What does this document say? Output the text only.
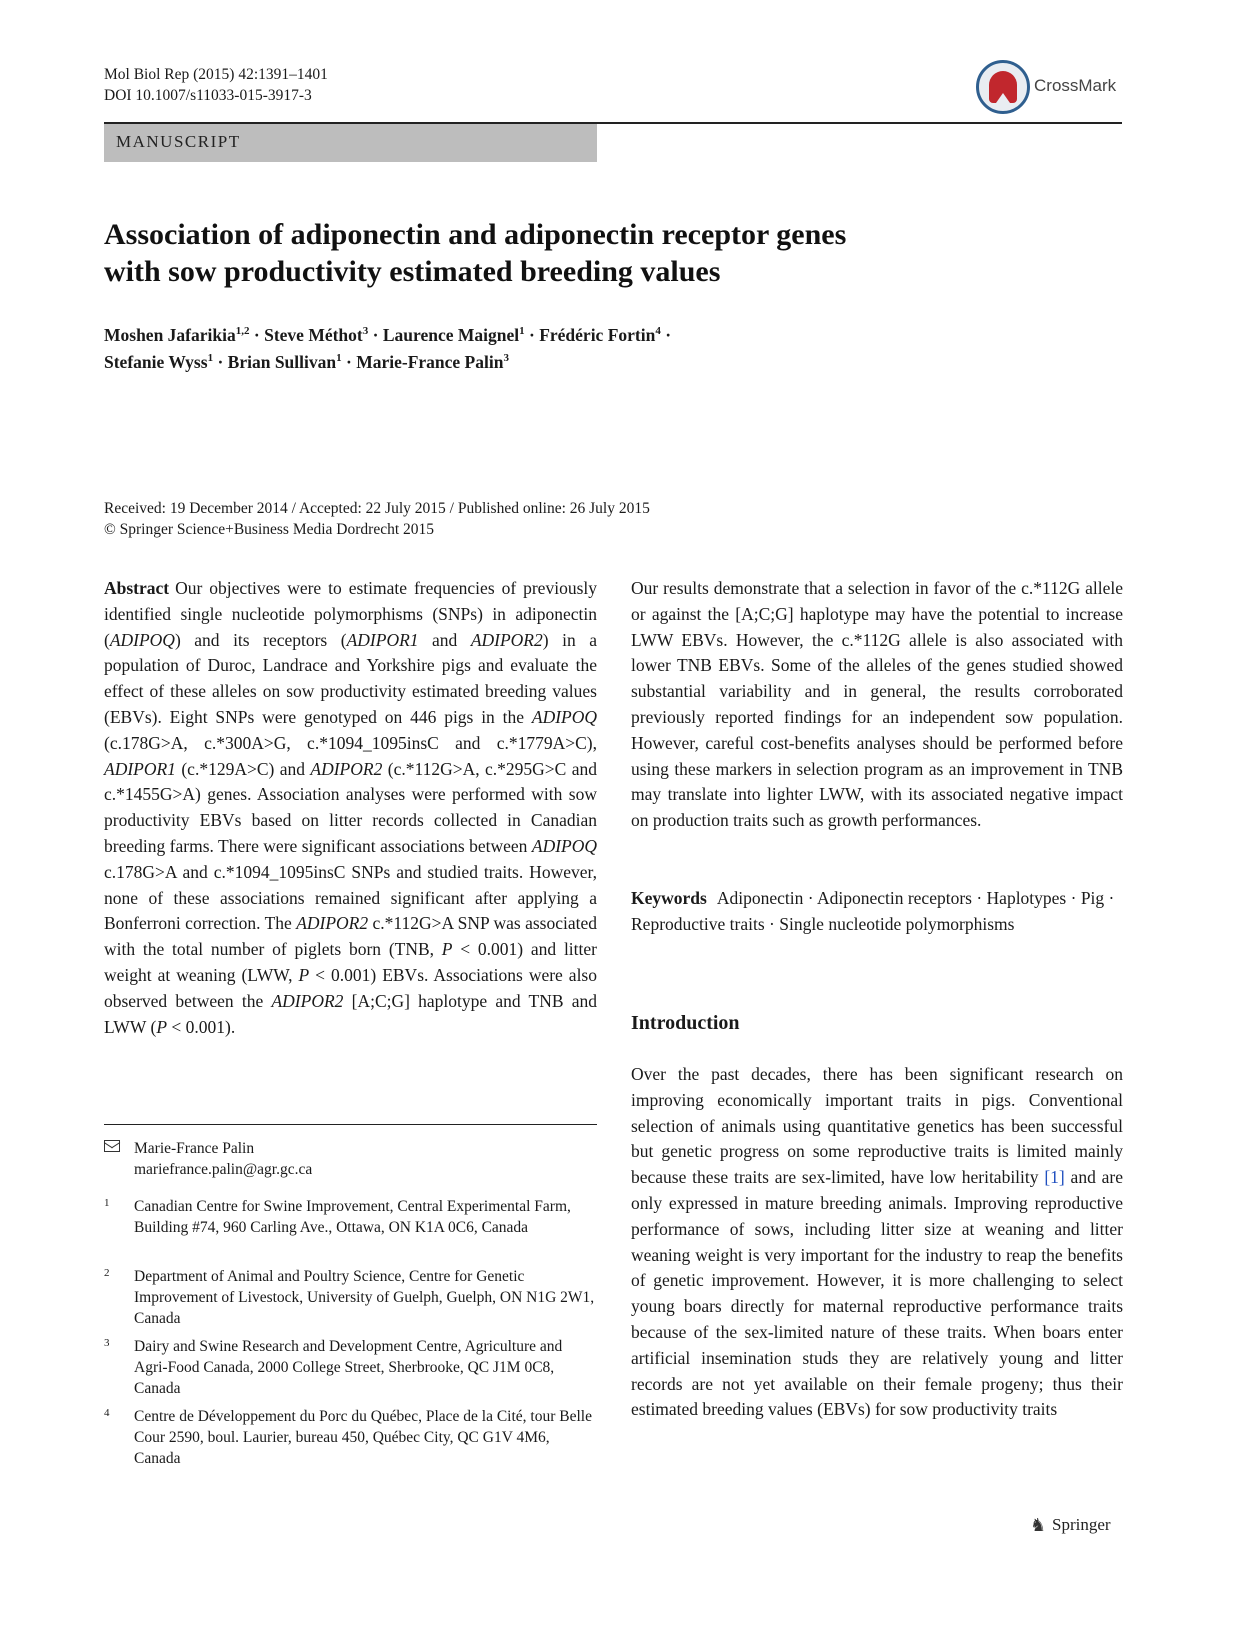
Mol Biol Rep (2015) 42:1391–1401
DOI 10.1007/s11033-015-3917-3
CrossMark
MANUSCRIPT
Association of adiponectin and adiponectin receptor genes
with sow productivity estimated breeding values
Moshen Jafarikia$^{1,2}$ · Steve Méthot$^3$ · Laurence Maignel$^1$ · Frédéric Fortin$^4$ ·
Stefanie Wyss$^1$ · Brian Sullivan$^1$ · Marie-France Palin$^3$
Received: 19 December 2014 / Accepted: 22 July 2015 / Published online: 26 July 2015
© Springer Science+Business Media Dordrecht 2015
Abstract Our objectives were to estimate frequencies of previously identified single nucleotide polymorphisms (SNPs) in adiponectin (ADIPOQ) and its receptors (ADIPOR1 and ADIPOR2) in a population of Duroc, Landrace and Yorkshire pigs and evaluate the effect of these alleles on sow productivity estimated breeding values (EBVs). Eight SNPs were genotyped on 446 pigs in the ADIPOQ (c.178G>A, c.*300A>G, c.*1094_1095insC and c.*1779A>C), ADIPOR1 (c.*129A>C) and ADIPOR2 (c.*112G>A, c.*295G>C and c.*1455G>A) genes. Association analyses were performed with sow productivity EBVs based on litter records collected in Canadian breeding farms. There were significant associations between ADIPOQ c.178G>A and c.*1094_1095insC SNPs and studied traits. However, none of these associations remained significant after applying a Bonferroni correction. The ADIPOR2 c.*112G>A SNP was associated with the total number of piglets born (TNB, P < 0.001) and litter weight at weaning (LWW, P < 0.001) EBVs. Associations were also observed between the ADIPOR2 [A;C;G] haplotype and TNB and LWW (P < 0.001).
Our results demonstrate that a selection in favor of the c.*112G allele or against the [A;C;G] haplotype may have the potential to increase LWW EBVs. However, the c.*112G allele is also associated with lower TNB EBVs. Some of the alleles of the genes studied showed substantial variability and in general, the results corroborated previously reported findings for an independent sow population. However, careful cost-benefits analyses should be performed before using these markers in selection program as an improvement in TNB may translate into lighter LWW, with its associated negative impact on production traits such as growth performances.
Keywords Adiponectin · Adiponectin receptors · Haplotypes · Pig · Reproductive traits · Single nucleotide polymorphisms
Introduction
Over the past decades, there has been significant research on improving economically important traits in pigs. Conventional selection of animals using quantitative genetics has been successful but genetic progress on some reproductive traits is limited mainly because these traits are sex-limited, have low heritability [1] and are only expressed in mature breeding animals. Improving reproductive performance of sows, including litter size at weaning and litter weaning weight is very important for the industry to reap the benefits of genetic improvement. However, it is more challenging to select young boars directly for maternal reproductive performance traits because of the sex-limited nature of these traits. When boars enter artificial insemination studs they are relatively young and litter records are not yet available on their female progeny; thus their estimated breeding values (EBVs) for sow productivity traits
Marie-France Palin
mariefrance.palin@agr.gc.ca
1 Canadian Centre for Swine Improvement, Central Experimental Farm, Building #74, 960 Carling Ave., Ottawa, ON K1A 0C6, Canada
2 Department of Animal and Poultry Science, Centre for Genetic Improvement of Livestock, University of Guelph, Guelph, ON N1G 2W1, Canada
3 Dairy and Swine Research and Development Centre, Agriculture and Agri-Food Canada, 2000 College Street, Sherbrooke, QC J1M 0C8, Canada
4 Centre de Développement du Porc du Québec, Place de la Cité, tour Belle Cour 2590, boul. Laurier, bureau 450, Québec City, QC G1V 4M6, Canada
♞ Springer
